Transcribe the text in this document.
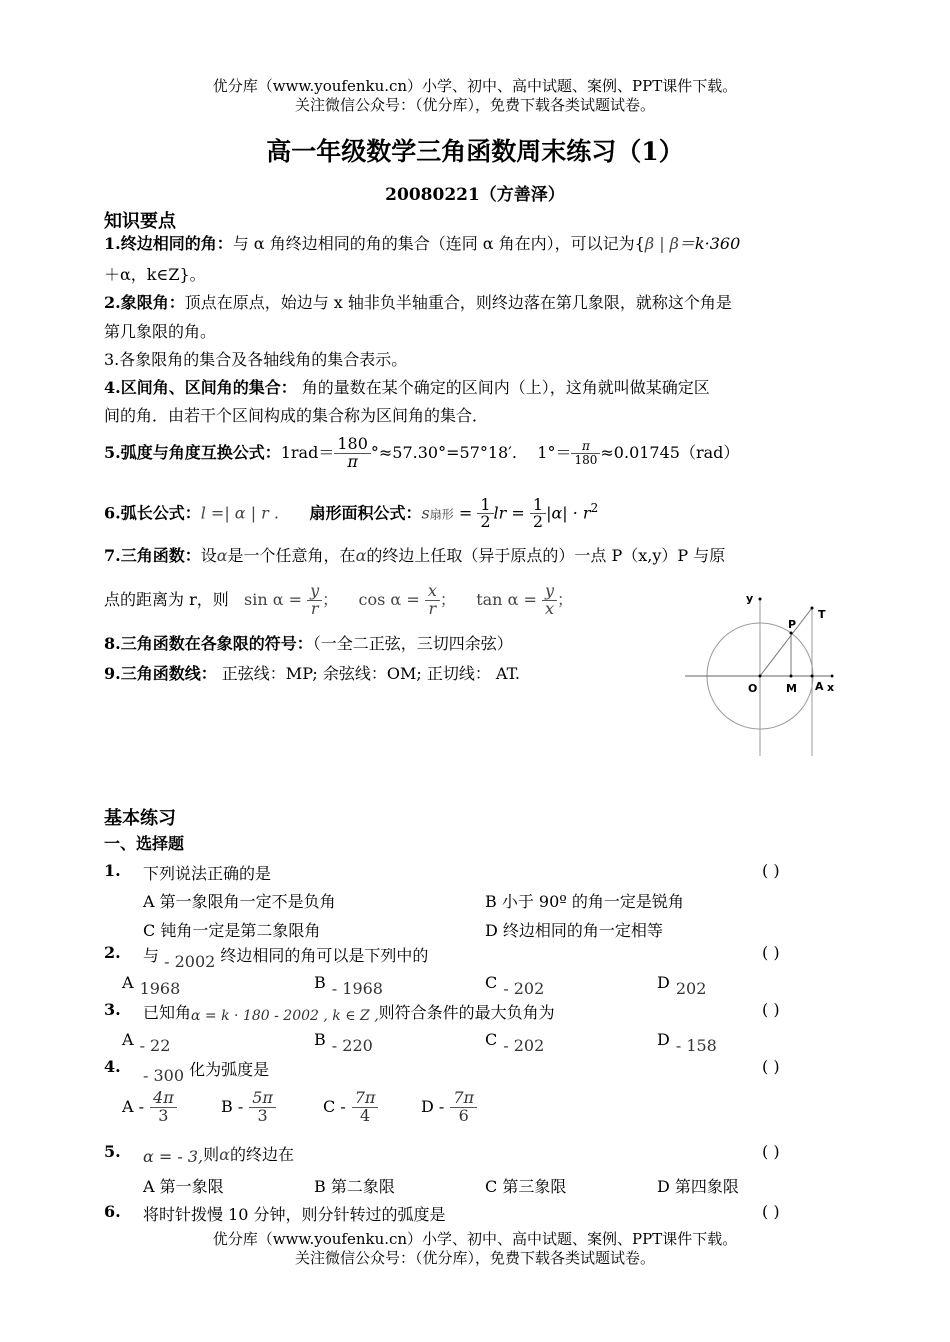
优分库（www.youfenku.cn）小学、初中、高中试题、案例、PPT课件下载。
关注微信公众号：（优分库），免费下载各类试题试卷。
高一年级数学三角函数周末练习（1）
20080221（方善泽）
知识要点
1.终边相同的角：与 α 角终边相同的角的集合（连同 α 角在内），可以记为{β | β＝k·360
＋α，k∈Z}。
2.象限角：顶点在原点，始边与 x 轴非负半轴重合，则终边落在第几象限，就称这个角是
第几象限的角。
3.各象限角的集合及各轴线角的集合表示。
4.区间角、区间角的集合： 角的量数在某个确定的区间内（上），这角就叫做某确定区
间的角．由若干个区间构成的集合称为区间角的集合．
5.弧度与角度互换公式：$1rad= \frac{180}{\pi} ^\circ\approx 57.30^\circ=57^\circ 18'$. $1^\circ= \frac{\pi}{180} \approx 0.01745(rad)$
6.弧长公式：l =| α | r . 扇形面积公式：s扇形 = $\frac{1}{2}$ lr = $\frac{1}{2} |\alpha| \cdot r^2$
7.三角函数：设α是一个任意角，在α的终边上任取（异于原点的）一点 P（x,y）P 与原
点的距离为 r，则 $\sin \alpha = \frac{y}{r}$ ； $\cos \alpha = \frac{x}{r}$ ； $\tan \alpha = \frac{y}{x}$ ；
8.三角函数在各象限的符号：（一全二正弦，三切四余弦）
9.三角函数线： 正弦线：MP; 余弦线：OM; 正切线： AT.
y
T
P
O	M A x
基本练习
一、选择题
1. 下列说法正确的是	( )
A 第一象限角一定不是负角	B 小于 90º 的角一定是锐角
C 钝角一定是第二象限角	D 终边相同的角一定相等
2. 与 - 2002 终边相同的角可以是下列中的	( )
A 1968	B - 1968	C - 202	D 202
3. 已知角α = k · 180 - 2002 , k ∈ Z ,则符合条件的最大负角为	( )
A - 22	B - 220	C - 202	D - 158
4. - 300 化为弧度是	( )
A - $\frac{4\pi}{3}$	B - $\frac{5\pi}{3}$	C - $\frac{7\pi}{4}$	D - $\frac{7\pi}{6}$
5. α = - 3,则α的终边在	( )
A 第一象限	B 第二象限	C 第三象限	D 第四象限
6. 将时针拨慢 10 分钟，则分针转过的弧度是	( )
优分库（www.youfenku.cn）小学、初中、高中试题、案例、PPT课件下载。
关注微信公众号：（优分库），免费下载各类试题试卷。
